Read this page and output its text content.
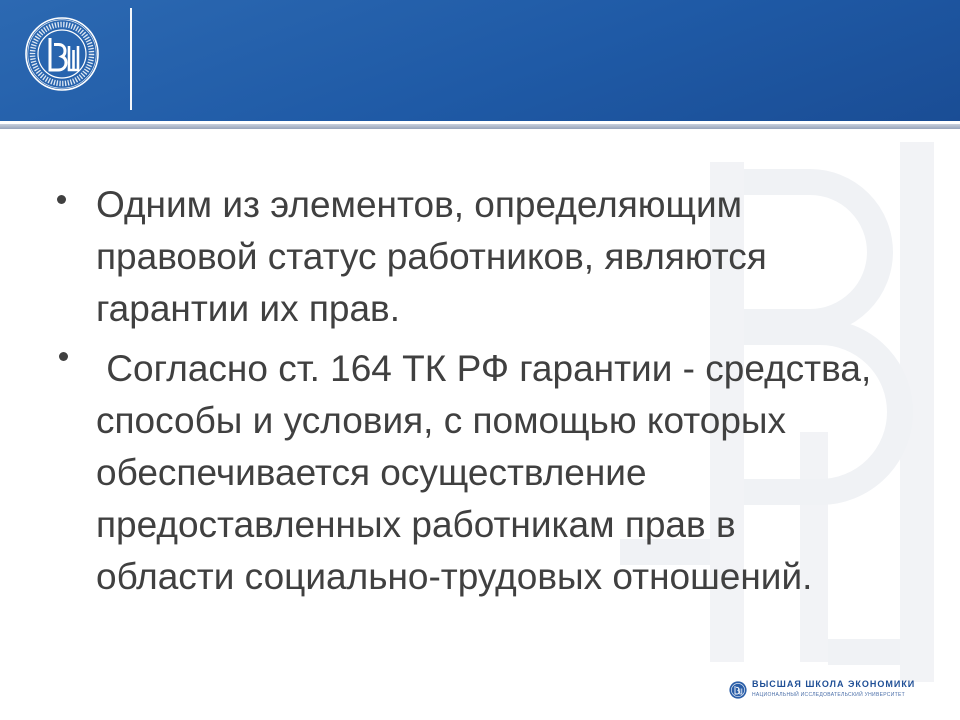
Одним из элементов, определяющим
правовой статус работников, являются
гарантии их прав.
Согласно ст. 164 ТК РФ гарантии - средства,
способы и условия, с помощью которых
обеспечивается осуществление
предоставленных работникам прав в
области социально-трудовых отношений.
ВЫСШАЯ ШКОЛА ЭКОНОМИКИ
НАЦИОНАЛЬНЫЙ ИССЛЕДОВАТЕЛЬСКИЙ УНИВЕРСИТЕТ
